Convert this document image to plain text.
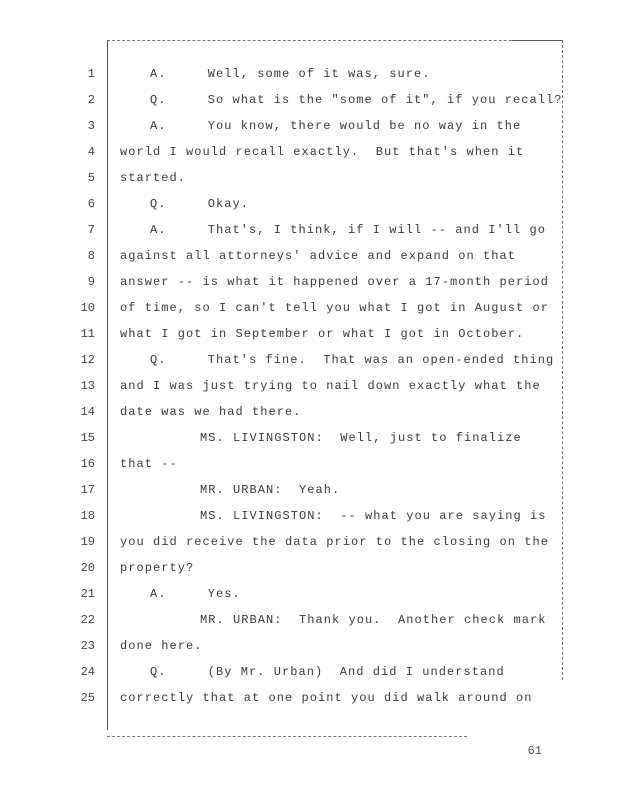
1	A.     Well, some of it was, sure.
2	Q.     So what is the "some of it", if you recall?
3	A.     You know, there would be no way in the
4 world I would recall exactly.  But that's when it
5 started.
6	Q.     Okay.
7	A.     That's, I think, if I will -- and I'll go
8 against all attorneys' advice and expand on that
9 answer -- is what it happened over a 17-month period
10 of time, so I can't tell you what I got in August or
11 what I got in September or what I got in October.
12	Q.     That's fine.  That was an open-ended thing
13 and I was just trying to nail down exactly what the
14 date was we had there.
15	MS. LIVINGSTON:  Well, just to finalize
16 that --
17	MR. URBAN:  Yeah.
18	MS. LIVINGSTON:  -- what you are saying is
19 you did receive the data prior to the closing on the
20 property?
21	A.     Yes.
22	MR. URBAN:  Thank you.  Another check mark
23 done here.
24	Q.     (By Mr. Urban)  And did I understand
25 correctly that at one point you did walk around on
61
